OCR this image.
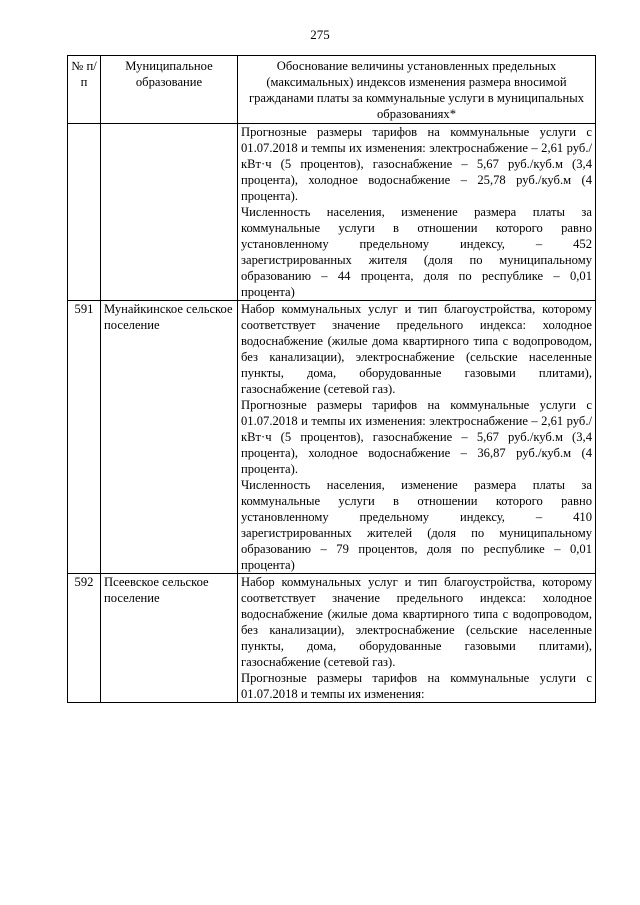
275
№ п/п	Муниципальное образование	Обоснование величины установленных предельных (максимальных) индексов изменения размера вносимой гражданами платы за коммунальные услуги в муниципальных образованиях*

		Прогнозные размеры тарифов на коммунальные услуги с 01.07.2018 и темпы их изменения: электроснабжение – 2,61 руб./кВт·ч (5 процентов), газоснабжение – 5,67 руб./куб.м (3,4 процента), холодное водоснабжение – 25,78 руб./куб.м (4 процента).

Численность населения, изменение размера платы за коммунальные услуги в отношении которого равно установленному предельному индексу, – 452 зарегистрированных жителя (доля по муниципальному образованию – 44 процента, доля по республике – 0,01 процента)

591	Мунайкинское сельское поселение	Набор коммунальных услуг и тип благоустройства, которому соответствует значение предельного индекса: холодное водоснабжение (жилые дома квартирного типа с водопроводом, без канализации), электроснабжение (сельские населенные пункты, дома, оборудованные газовыми плитами), газоснабжение (сетевой газ).

Прогнозные размеры тарифов на коммунальные услуги с 01.07.2018 и темпы их изменения: электроснабжение – 2,61 руб./кВт·ч (5 процентов), газоснабжение – 5,67 руб./куб.м (3,4 процента), холодное водоснабжение – 36,87 руб./куб.м (4 процента).

Численность населения, изменение размера платы за коммунальные услуги в отношении которого равно установленному предельному индексу, – 410 зарегистрированных жителей (доля по муниципальному образованию – 79 процентов, доля по республике – 0,01 процента)

592	Псеевское сельское поселение	Набор коммунальных услуг и тип благоустройства, которому соответствует значение предельного индекса: холодное водоснабжение (жилые дома квартирного типа с водопроводом, без канализации), электроснабжение (сельские населенные пункты, дома, оборудованные газовыми плитами), газоснабжение (сетевой газ).

Прогнозные размеры тарифов на коммунальные услуги с 01.07.2018 и темпы их изменения:
